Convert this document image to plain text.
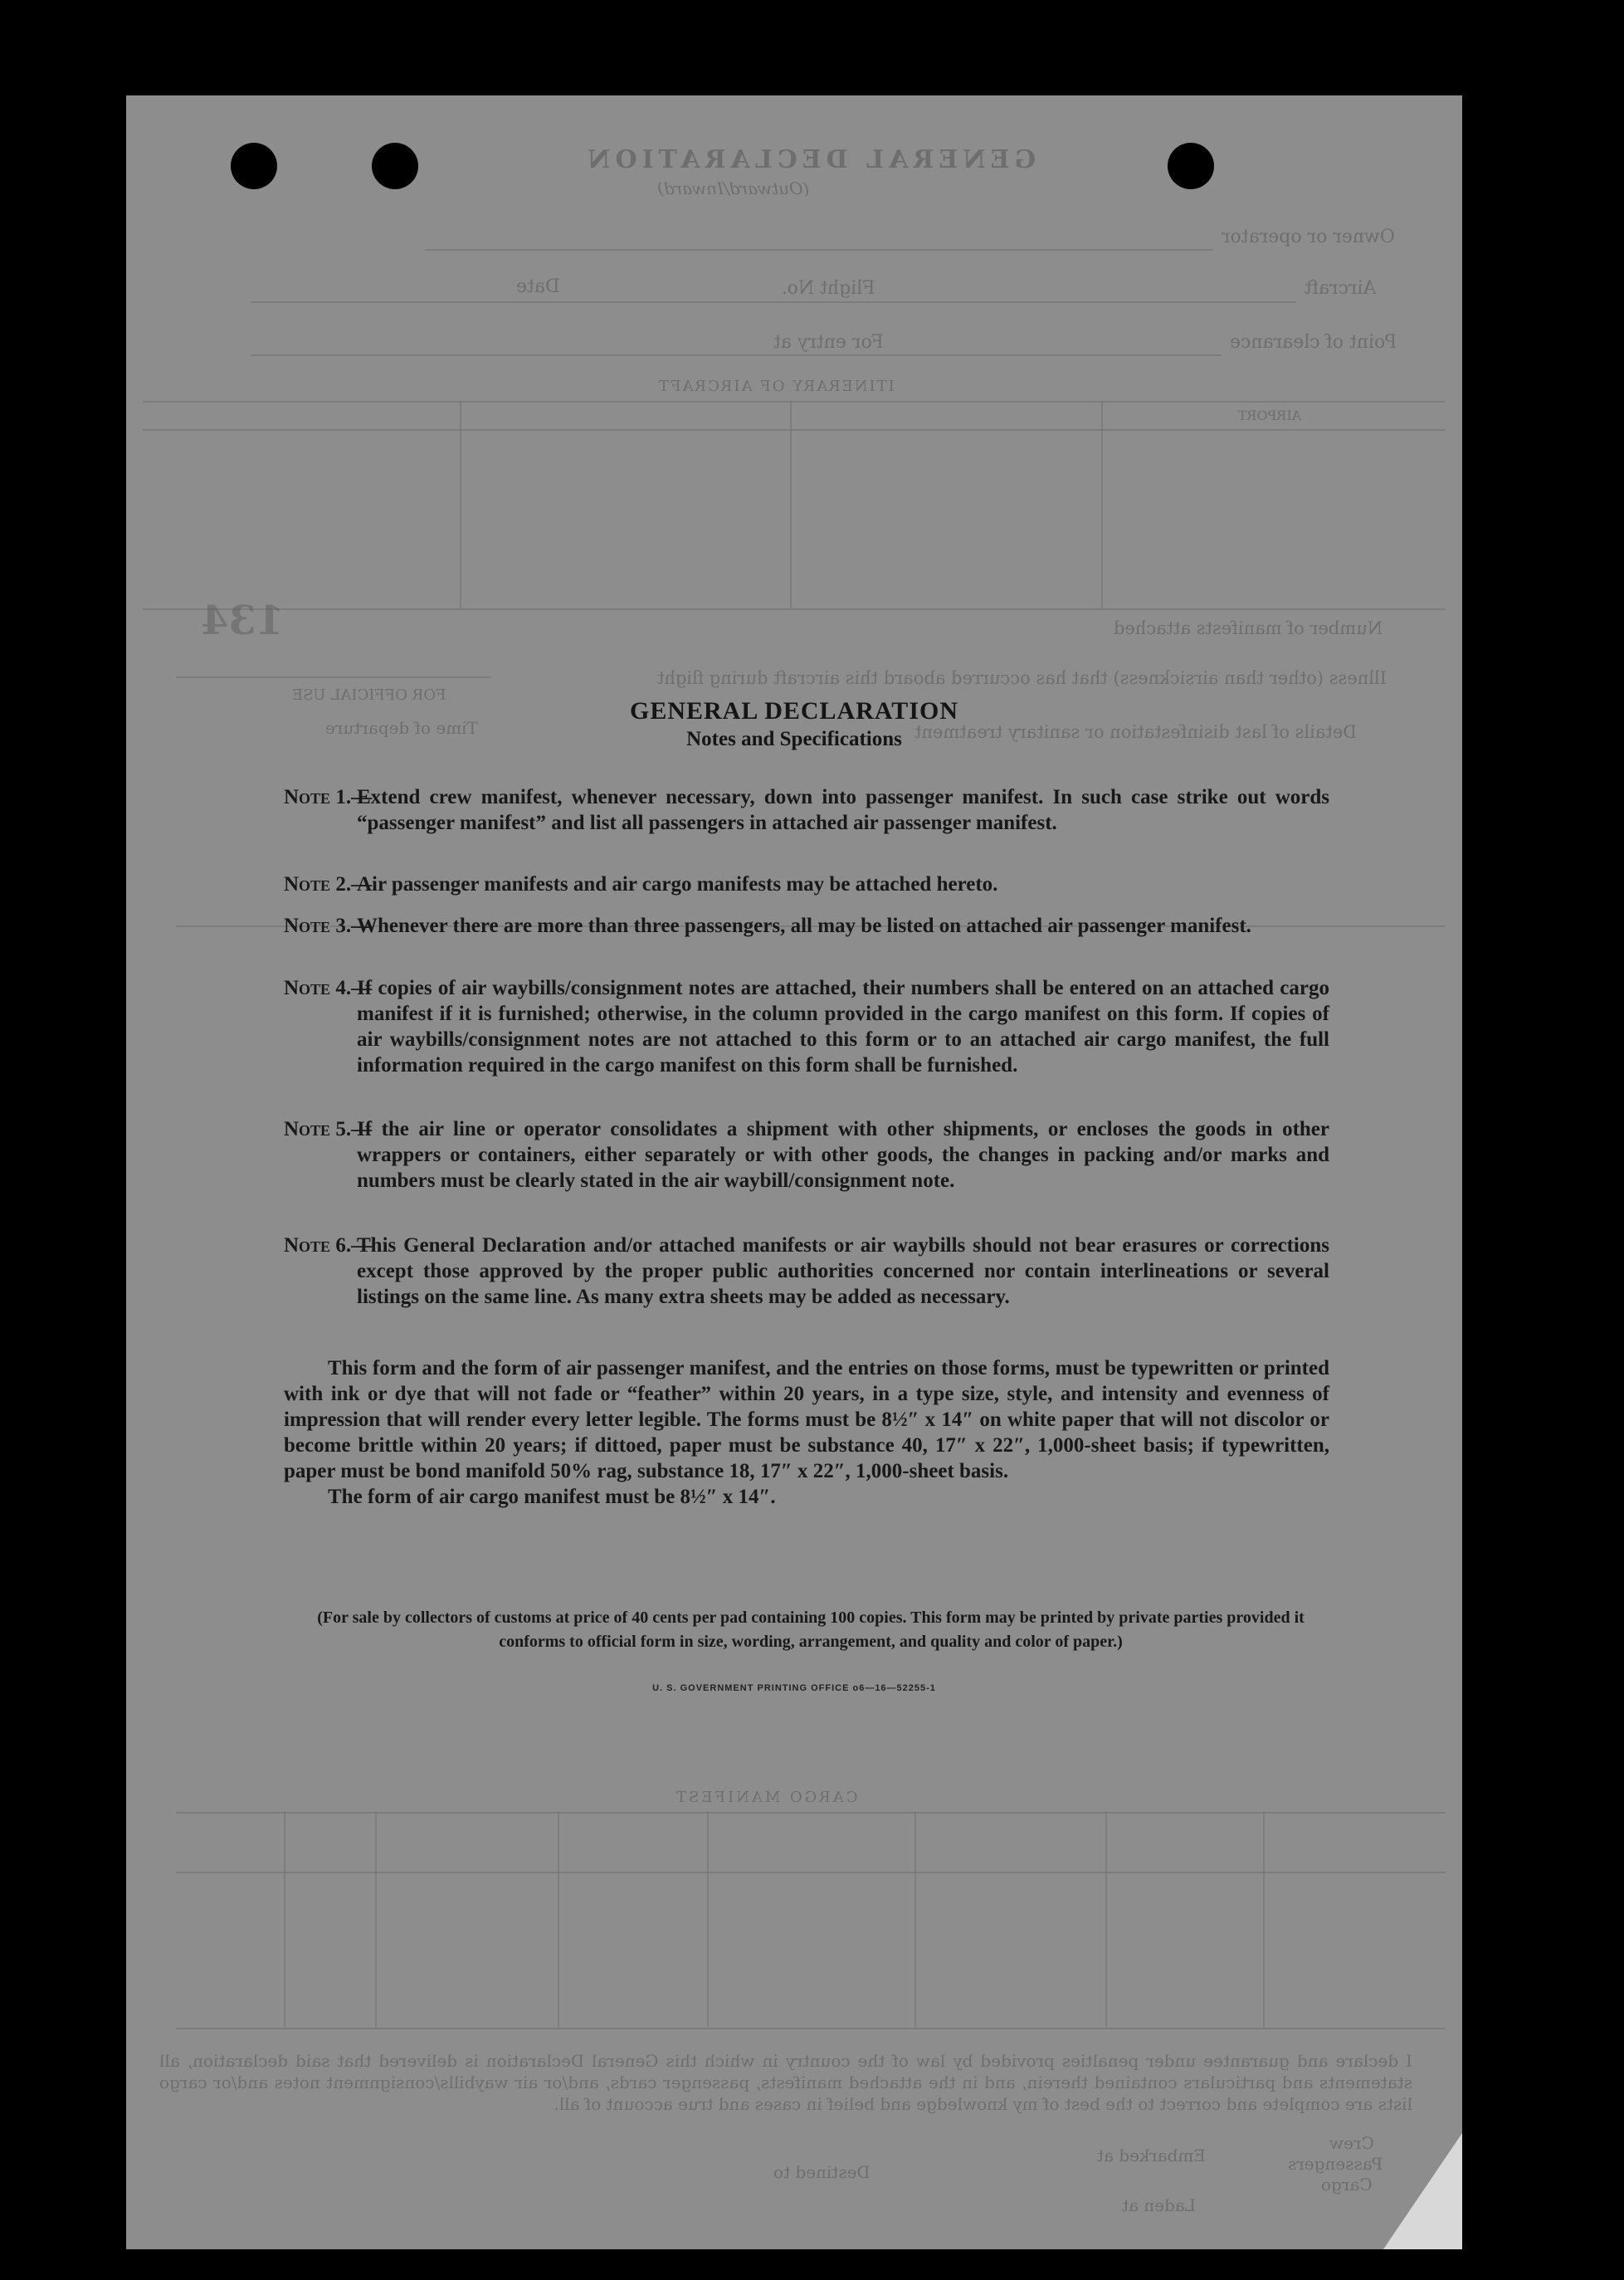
GENERAL DECLARATION
(Outward/Inward)
Owner or operator
Aircraft
Flight No.
Date
Point of clearance
For entry at
ITINERARY OF AIRCRAFT
AIRPORT
134	Number of manifests attached
Illness (other than airsickness) that has occurred aboard this aircraft during flight
FOR OFFICIAL USE
Time of departure	Details of last disinfestation or sanitary treatment
CARGO MANIFEST
I declare and guarantee under penalties provided by law of the country in which this General Declaration is delivered that said declaration, all statements and particulars contained therein, and in the attached manifests, passenger cards, and/or air waybills/consignment notes and/or cargo lists are complete and correct to the best of my knowledge and belief in cases and true account of all.
Crew
Passengers
Embarked at
Destined to
Cargo
Laden at
GENERAL DECLARATION
Notes and Specifications
Note 1.—
Extend crew manifest, whenever necessary, down into passenger manifest. In such case strike out words “passenger manifest” and list all passengers in attached air passenger manifest.
Note 2.—
Air passenger manifests and air cargo manifests may be attached hereto.
Note 3.—
Whenever there are more than three passengers, all may be listed on attached air passenger manifest.
Note 4.—
If copies of air waybills/consignment notes are attached, their numbers shall be entered on an attached cargo manifest if it is furnished; otherwise, in the column provided in the cargo manifest on this form. If copies of air waybills/consignment notes are not attached to this form or to an attached air cargo manifest, the full information required in the cargo manifest on this form shall be furnished.
Note 5.—
If the air line or operator consolidates a shipment with other shipments, or encloses the goods in other wrappers or containers, either separately or with other goods, the changes in packing and/or marks and numbers must be clearly stated in the air waybill/consignment note.
Note 6.—
This General Declaration and/or attached manifests or air waybills should not bear erasures or corrections except those approved by the proper public authorities concerned nor contain interlineations or several listings on the same line. As many extra sheets may be added as necessary.
This form and the form of air passenger manifest, and the entries on those forms, must be typewritten or printed with ink or dye that will not fade or “feather” within 20 years, in a type size, style, and intensity and evenness of impression that will render every letter legible. The forms must be 8½″ x 14″ on white paper that will not discolor or become brittle within 20 years; if dittoed, paper must be substance 40, 17″ x 22″, 1,000-sheet basis; if typewritten, paper must be bond manifold 50% rag, substance 18, 17″ x 22″, 1,000-sheet basis.
The form of air cargo manifest must be 8½″ x 14″.
(For sale by collectors of customs at price of 40 cents per pad containing 100 copies. This form may be printed by private parties provided it conforms to official form in size, wording, arrangement, and quality and color of paper.)
U. S. GOVERNMENT PRINTING OFFICE o6—16—52255-1
